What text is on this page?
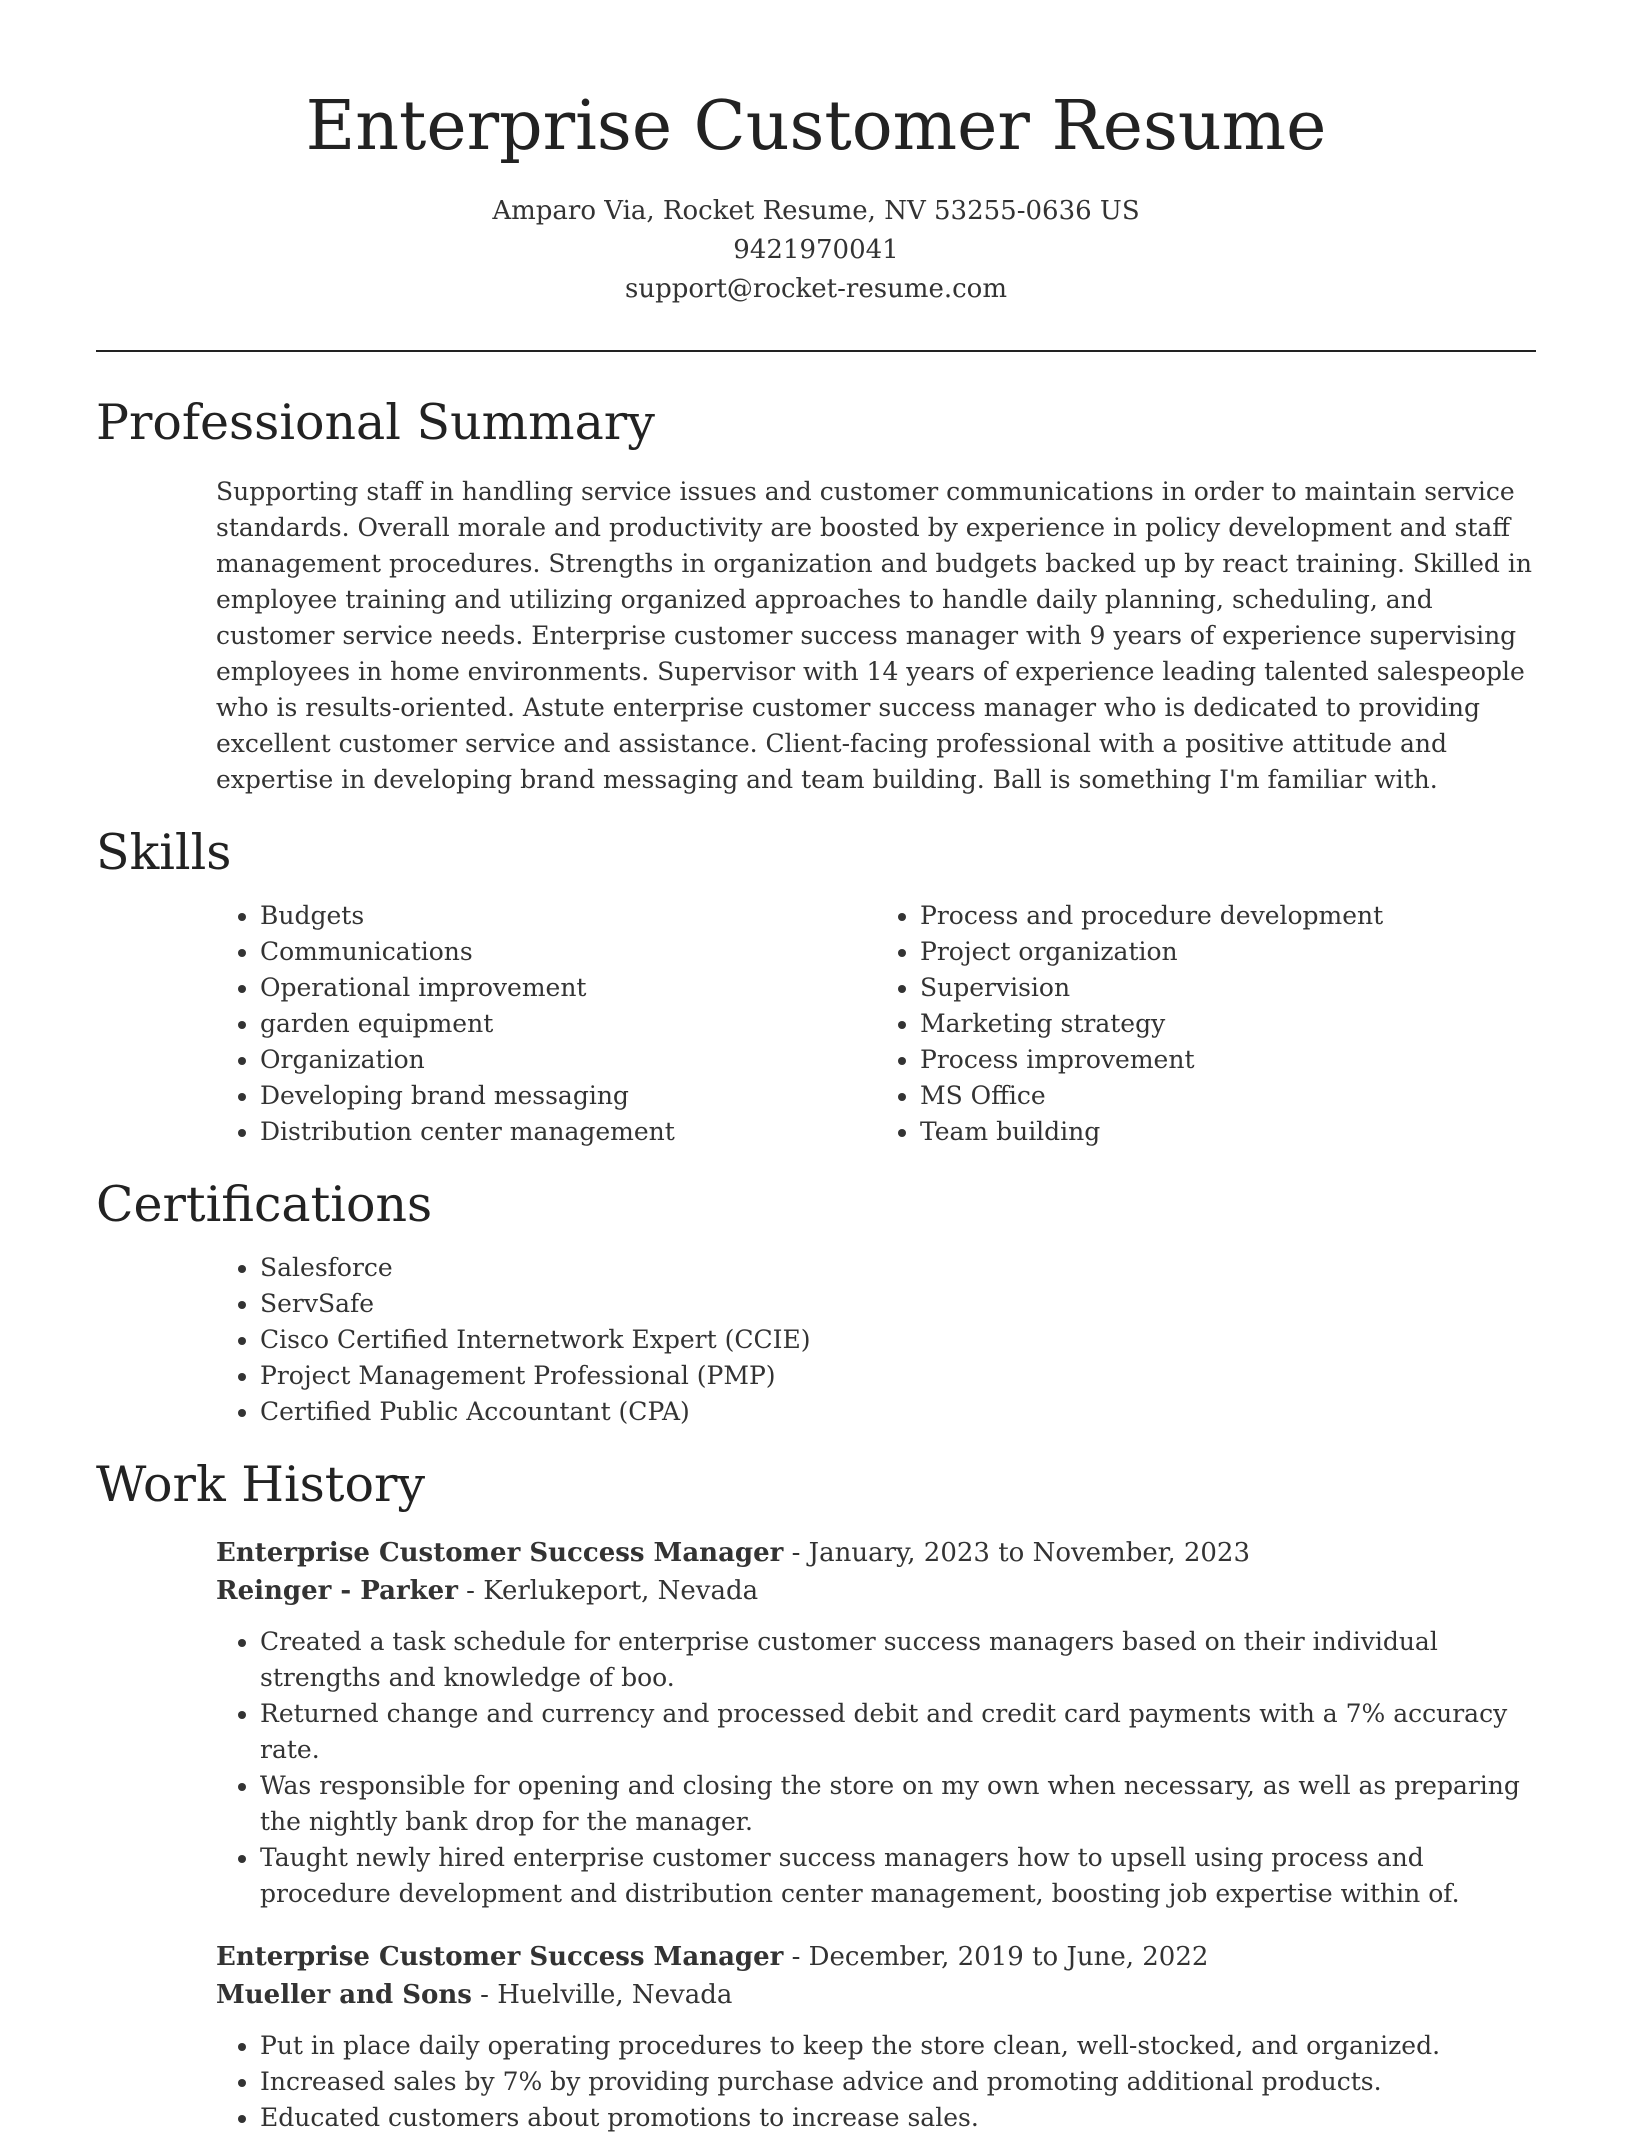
Enterprise Customer Resume
Amparo Via, Rocket Resume, NV 53255-0636 US
9421970041
support@rocket-resume.com
Professional Summary
Supporting staff in handling service issues and customer communications in order to maintain service standards. Overall morale and productivity are boosted by experience in policy development and staff management procedures. Strengths in organization and budgets backed up by react training. Skilled in employee training and utilizing organized approaches to handle daily planning, scheduling, and customer service needs. Enterprise customer success manager with 9 years of experience supervising employees in home environments. Supervisor with 14 years of experience leading talented salespeople who is results-oriented. Astute enterprise customer success manager who is dedicated to providing excellent customer service and assistance. Client-facing professional with a positive attitude and expertise in developing brand messaging and team building. Ball is something I'm familiar with.
Skills
• Budgets
• Communications
• Operational improvement
• garden equipment
• Organization
• Developing brand messaging
• Distribution center management
• Process and procedure development
• Project organization
• Supervision
• Marketing strategy
• Process improvement
• MS Office
• Team building
Certifications
• Salesforce
• ServSafe
• Cisco Certified Internetwork Expert (CCIE)
• Project Management Professional (PMP)
• Certified Public Accountant (CPA)
Work History

Enterprise Customer Success Manager - January, 2023 to November, 2023

Reinger - Parker - Kerlukeport, Nevada

• Created a task schedule for enterprise customer success managers based on their individual strengths and knowledge of boo.
• Returned change and currency and processed debit and credit card payments with a 7% accuracy rate.
• Was responsible for opening and closing the store on my own when necessary, as well as preparing the nightly bank drop for the manager.
• Taught newly hired enterprise customer success managers how to upsell using process and procedure development and distribution center management, boosting job expertise within of.

Enterprise Customer Success Manager - December, 2019 to June, 2022

Mueller and Sons - Huelville, Nevada

• Put in place daily operating procedures to keep the store clean, well-stocked, and organized.
• Increased sales by 7% by providing purchase advice and promoting additional products.
• Educated customers about promotions to increase sales.
